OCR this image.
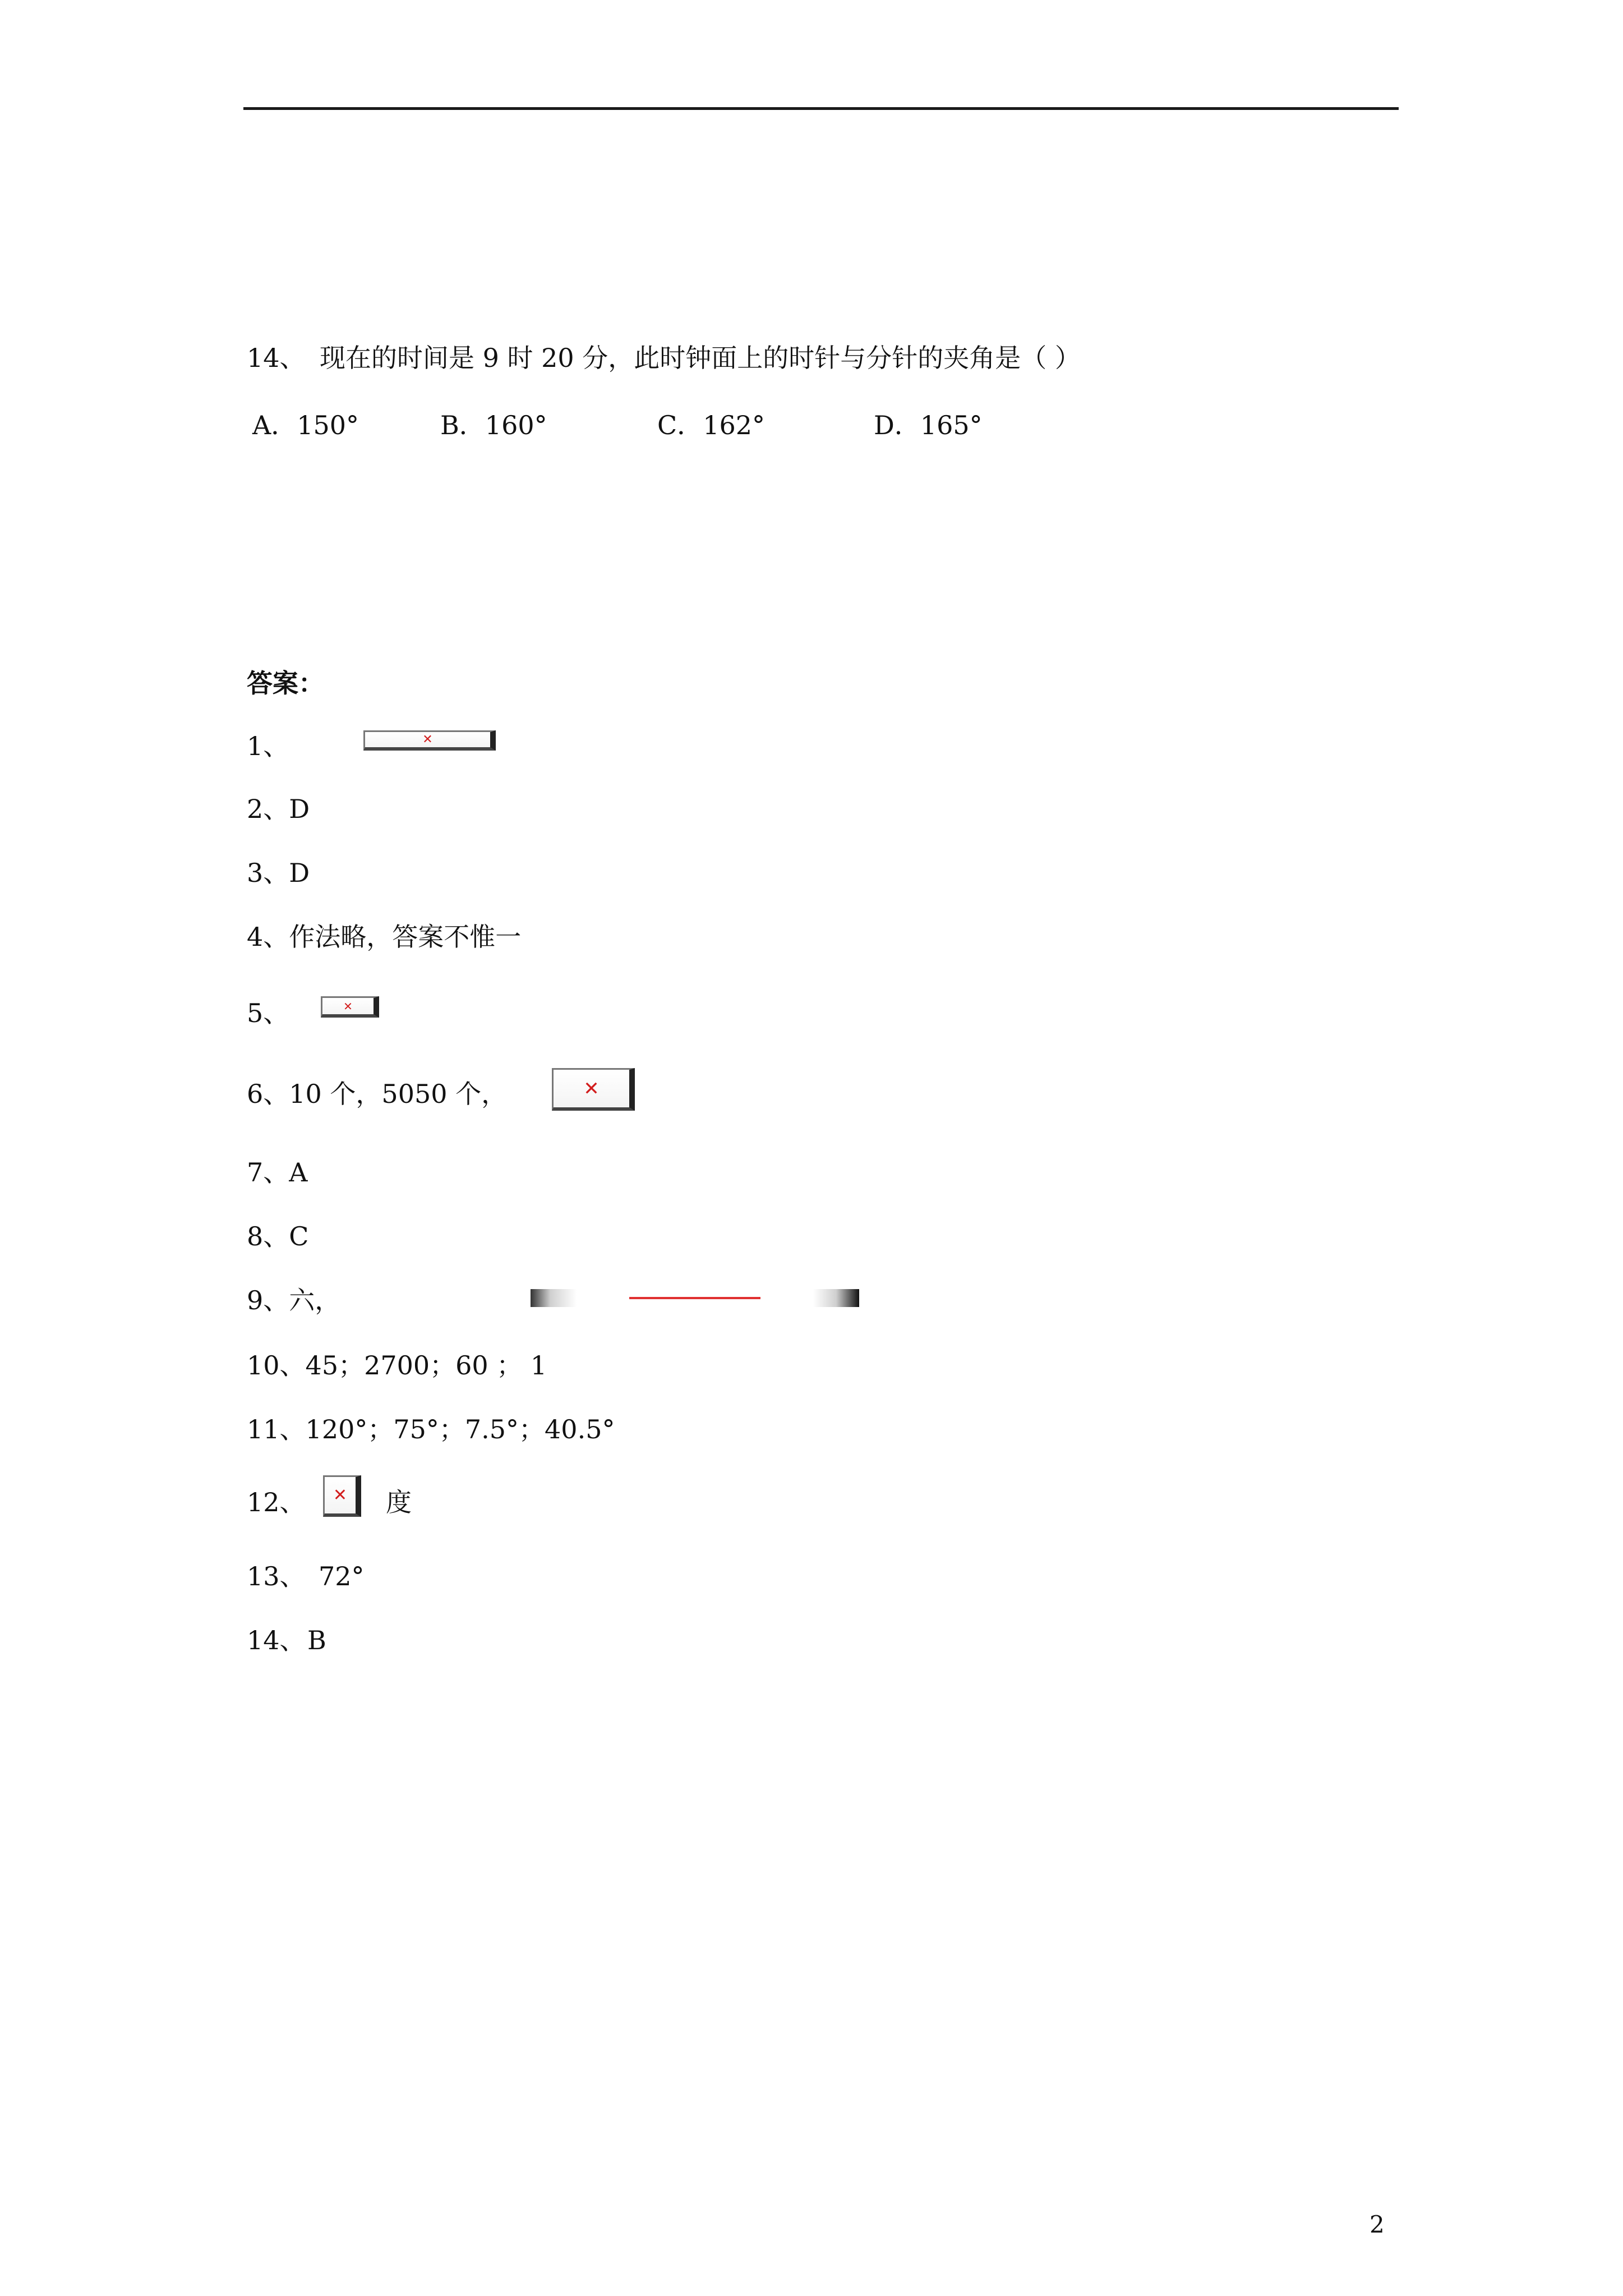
14、 现在的时间是 9 时 20 分，此时钟面上的时针与分针的夹角是（ ）
A．150°	B．160°	C．162°	D．165°
答案：
1、	✕
2、D
3、D
4、作法略，答案不惟一
5、	✕
6、10 个，5050 个，	✕
7、A
8、C
9、六，
10、45；2700；60 ； 1
11、120°；75°；7.5°；40.5°
12、	度
✕
13、 72°
14、B
2
